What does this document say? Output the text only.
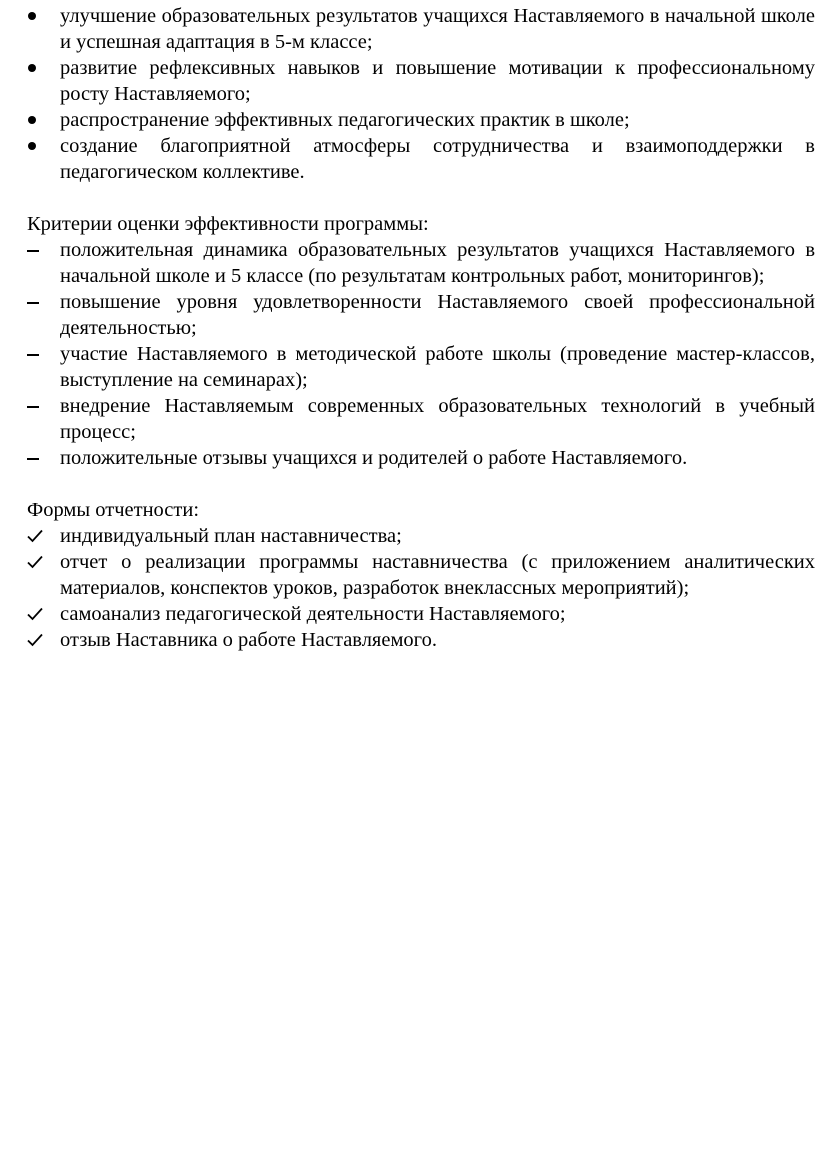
улучшение образовательных результатов учащихся Наставляемого в начальной школе и успешная адаптация в 5-м классе;
развитие рефлексивных навыков и повышение мотивации к профессиональному росту Наставляемого;
распространение эффективных педагогических практик в школе;
создание благоприятной атмосферы сотрудничества и взаимоподдержки в педагогическом коллективе.

Критерии оценки эффективности программы:

положительная динамика образовательных результатов учащихся Наставляемого в начальной школе и 5 классе (по результатам контрольных работ, мониторингов);
повышение уровня удовлетворенности Наставляемого своей профессиональной деятельностью;
участие Наставляемого в методической работе школы (проведение мастер-классов, выступление на семинарах);
внедрение Наставляемым современных образовательных технологий в учебный процесс;
положительные отзывы учащихся и родителей о работе Наставляемого.

Формы отчетности:

индивидуальный план наставничества;
отчет о реализации программы наставничества (с приложением аналитических материалов, конспектов уроков, разработок внеклассных мероприятий);
самоанализ педагогической деятельности Наставляемого;
отзыв Наставника о работе Наставляемого.
